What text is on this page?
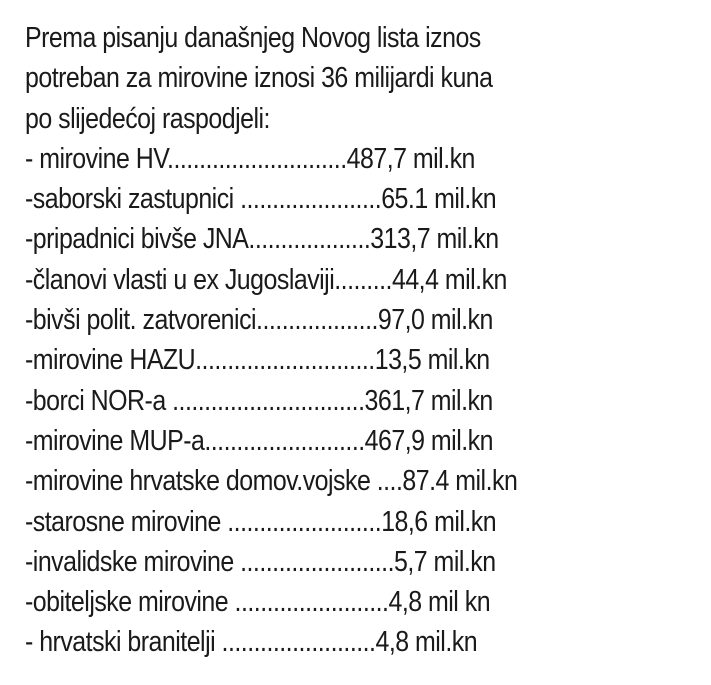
Prema pisanju današnjeg Novog lista iznos
potreban za mirovine iznosi 36 milijardi kuna
po slijedećoj raspodjeli:
- mirovine HV............................487,7 mil.kn
-saborski zastupnici ......................65.1 mil.kn
-pripadnici bivše JNA...................313,7 mil.kn
-članovi vlasti u ex Jugoslaviji.........44,4 mil.kn
-bivši polit. zatvorenici...................97,0 mil.kn
-mirovine HAZU............................13,5 mil.kn
-borci NOR-a ..............................361,7 mil.kn
-mirovine MUP-a.........................467,9 mil.kn
-mirovine hrvatske domov.vojske ....87.4 mil.kn
-starosne mirovine ........................18,6 mil.kn
-invalidske mirovine ........................5,7 mil.kn
-obiteljske mirovine ........................4,8 mil kn
- hrvatski branitelji ........................4,8 mil.kn
